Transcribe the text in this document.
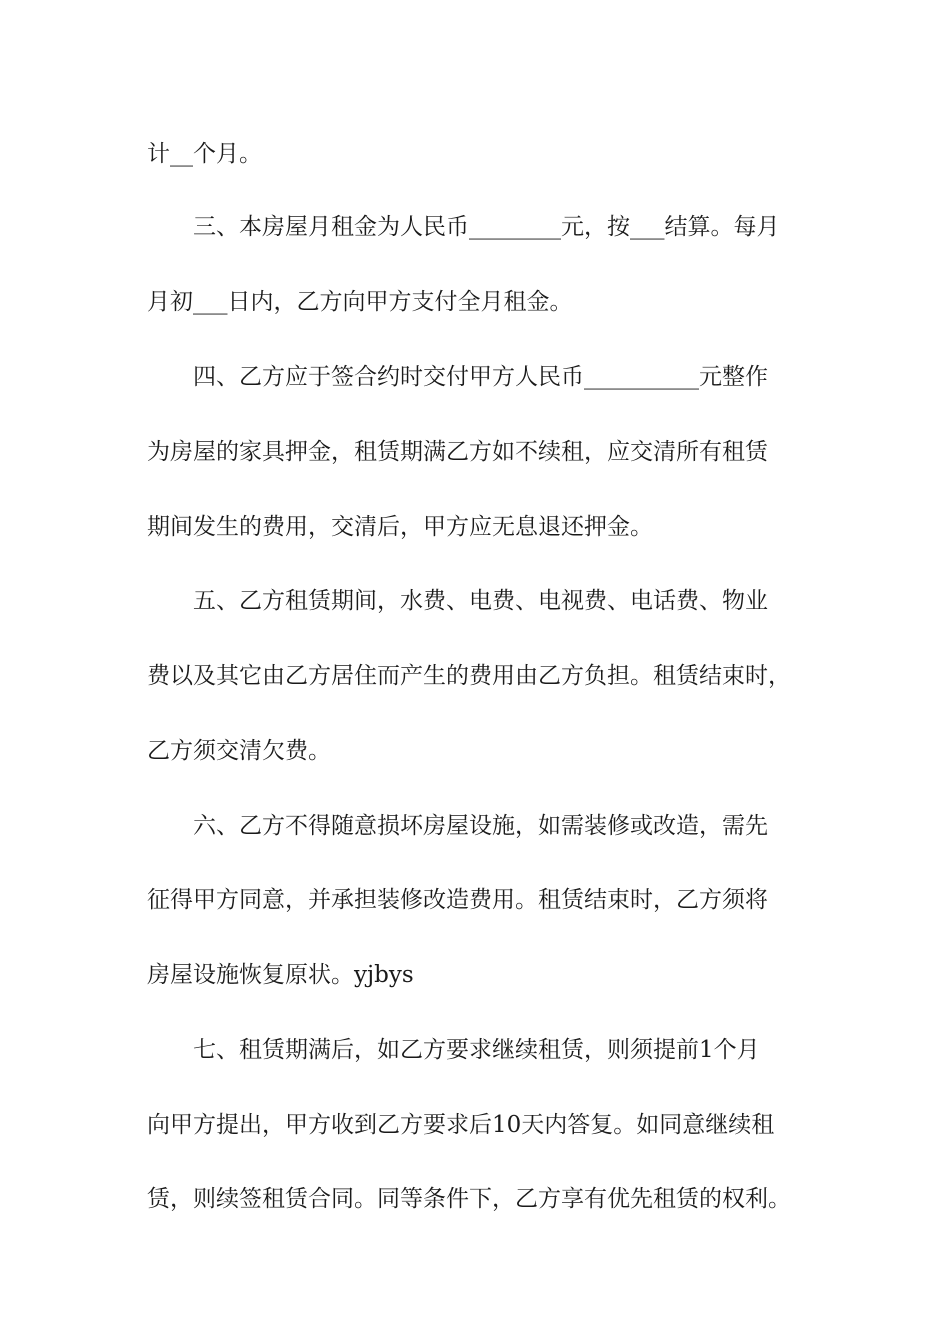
计__个月。

三、本房屋月租金为人民币________元，按___结算。每月

月初___日内，乙方向甲方支付全月租金。

四、乙方应于签合约时交付甲方人民币__________元整作

为房屋的家具押金，租赁期满乙方如不续租，应交清所有租赁

期间发生的费用，交清后，甲方应无息退还押金。

五、乙方租赁期间，水费、电费、电视费、电话费、物业

费以及其它由乙方居住而产生的费用由乙方负担。租赁结束时，

乙方须交清欠费。

六、乙方不得随意损坏房屋设施，如需装修或改造，需先

征得甲方同意，并承担装修改造费用。租赁结束时，乙方须将

房屋设施恢复原状。yjbys

七、租赁期满后，如乙方要求继续租赁，则须提前1个月

向甲方提出，甲方收到乙方要求后10天内答复。如同意继续租

赁，则续签租赁合同。同等条件下，乙方享有优先租赁的权利。
